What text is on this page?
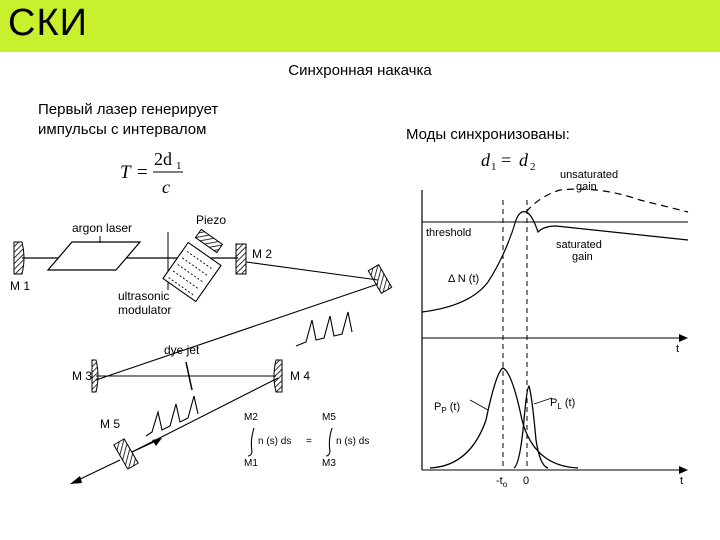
СКИ
Синхронная накачка
Первый лазер генерирует
импульсы с интервалом	Моды синхронизованы:
T =
2d 1
c
d 1 = d 2
argon laser
Piezo
ultrasonic
modulator
M 1
M 2
M 3	M 4
dye jet
M 5	M2
M1
n (s) ds =
M5
M3
n (s) ds
threshold
t
unsaturated
gain
saturated
gain
Δ N (t)
t
$P_P$ (t)	$P_L$ (t)
$-t_o$ 0
